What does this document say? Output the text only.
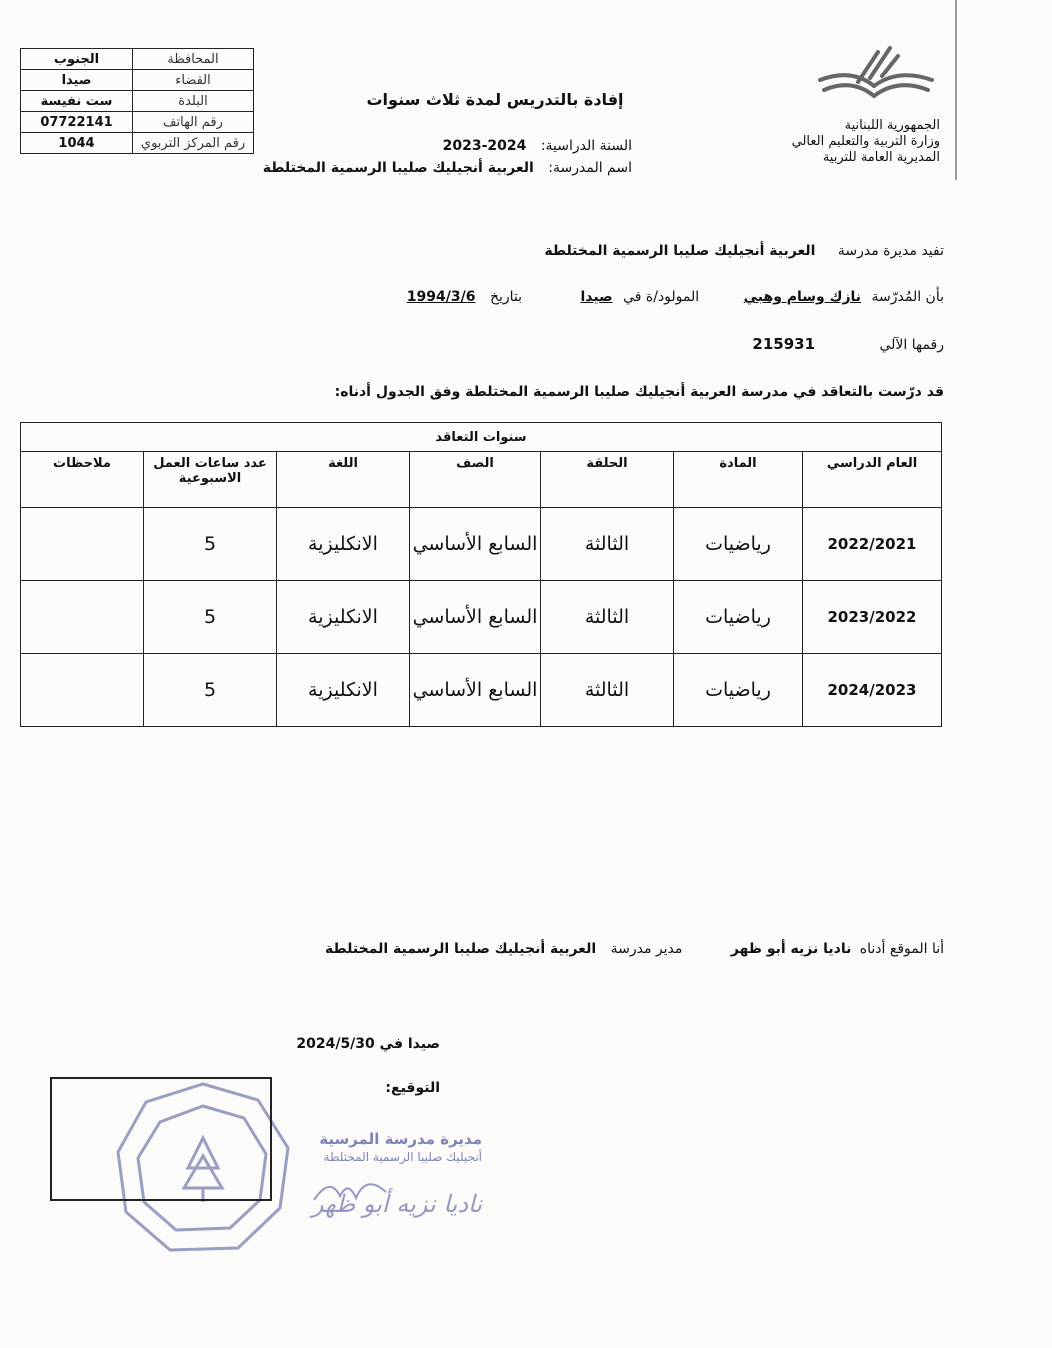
المحافظة	الجنوب
القضاء	صيدا
البلدة	ست نفيسة
رقم الهاتف	07722141
رقم المركز التربوي	1044
الجمهورية اللبنانية
وزارة التربية والتعليم العالي
المديرية العامة للتربية
إفادة بالتدريس لمدة ثلاث سنوات
السنة الدراسية: 2024-2023
اسم المدرسة: العربية أنجيليك صليبا الرسمية المختلطة
تفيد مديرة مدرسة العربية أنجيليك صليبا الرسمية المختلطة
بأن المُدرّسة نازك وسام وهبي المولود/ة في صيدا بتاريخ 1994/3/6
رقمها الآلي 215931
قد درّست بالتعاقد في مدرسة العربية أنجيليك صليبا الرسمية المختلطة وفق الجدول أدناه:
سنوات التعاقد						
العام الدراسي	المادة	الحلقة	الصف	اللغة	عدد ساعات العمل الاسبوعية	ملاحظات
2022/2021	رياضيات	الثالثة	السابع الأساسي	الانكليزية	5	
2023/2022	رياضيات	الثالثة	السابع الأساسي	الانكليزية	5	
2024/2023	رياضيات	الثالثة	السابع الأساسي	الانكليزية	5	
أنا الموقع أدناه ناديا نزيه أبو ظهر مدير مدرسة العربية أنجيليك صليبا الرسمية المختلطة
صيدا في 2024/5/30
التوقيع:
مديرة مدرسة المرسية
أنجيليك صليبا الرسمية المختلطة
ناديا نزيه أبو ظهر
